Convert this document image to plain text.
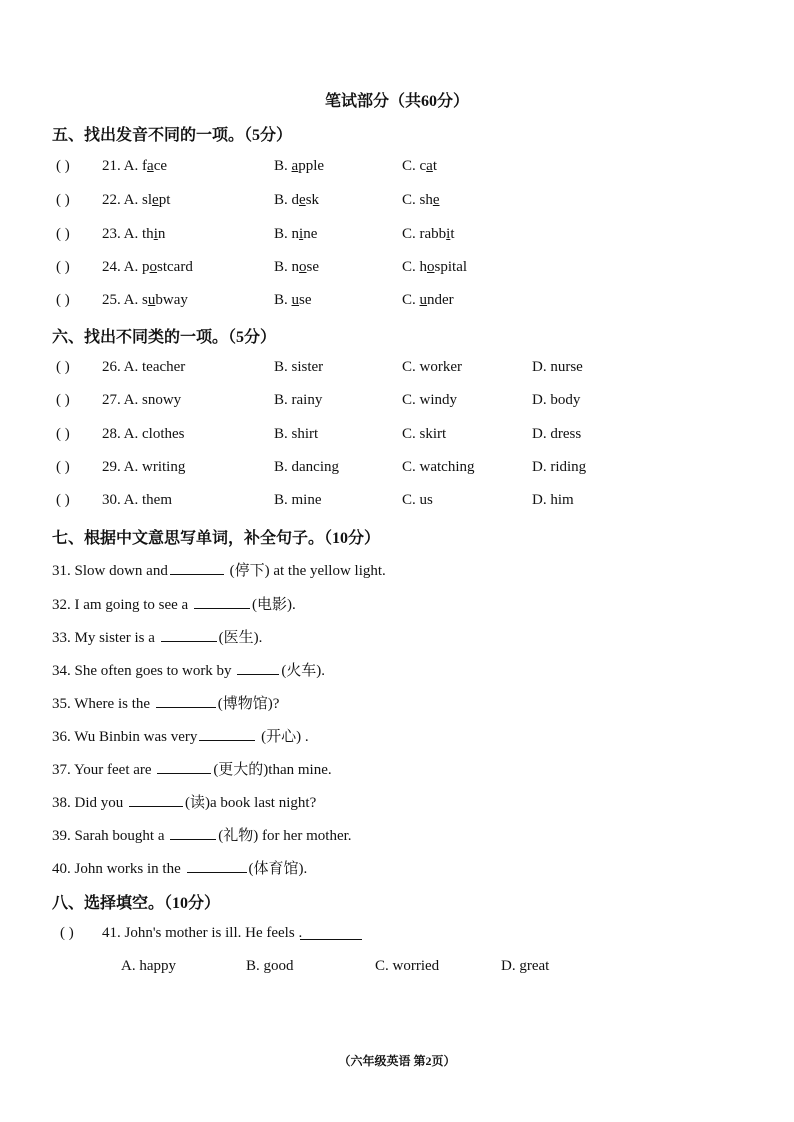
笔试部分（共60分）
五、找出发音不同的一项。（5分）
( ) 21. A. face	B. apple	C. cat
( ) 22. A. slept	B. desk	C. she
( ) 23. A. thin	B. nine	C. rabbit
( ) 24. A. postcard	B. nose	C. hospital
( ) 25. A. subway	B. use	C. under
六、找出不同类的一项。（5分）
( ) 26. A. teacher	B. sister	C. worker	D. nurse
( ) 27. A. snowy	B. rainy	C. windy	D. body
( ) 28. A. clothes	B. shirt	C. skirt	D. dress
( ) 29. A. writing	B. dancing	C. watching	D. riding
( ) 30. A. them	B. mine	C. us	D. him
七、根据中文意思写单词，补全句子。（10分）
31. Slow down and	(停下) at the yellow light.
32. I am going to see a	(电影).
33. My sister is a	(医生).
34. She often goes to work by	(火车).
35. Where is the	(博物馆)?
36. Wu Binbin was very	(开心) .
37. Your feet are	(更大的)than mine.
38. Did you	(读)a book last night?
39. Sarah bought a	(礼物) for her mother.
40. John works in the	(体育馆).
八、选择填空。（10分）
( ) 41. John's mother is ill. He feels
.
A. happy	B. good	C. worried	D. great
（六年级英语 第2页）
